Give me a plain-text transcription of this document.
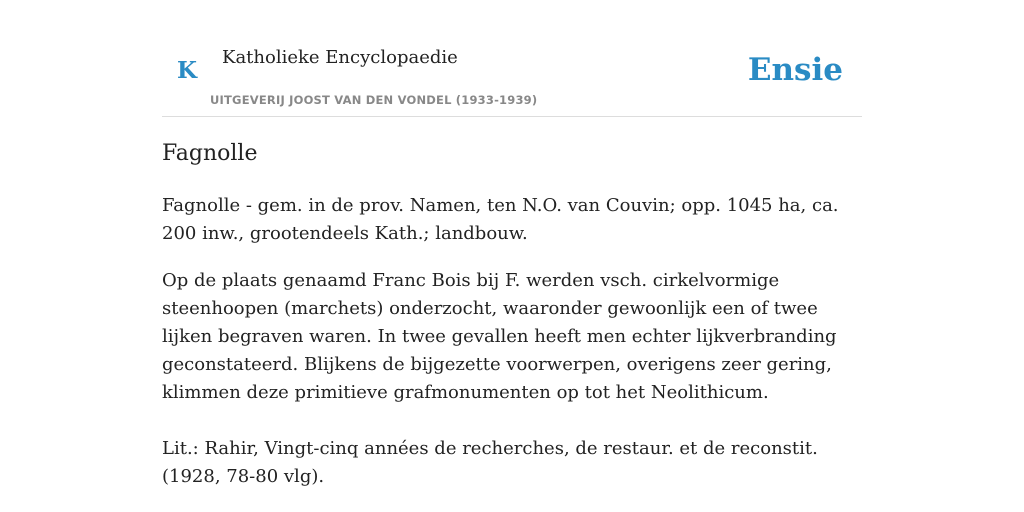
K Katholieke Encyclopaedie
UITGEVERIJ JOOST VAN DEN VONDEL (1933-1939)
Ensie
Fagnolle

Fagnolle - gem. in de prov. Namen, ten N.O. van Couvin; opp. 1045 ha, ca. 200 inw., grootendeels Kath.; landbouw.

Op de plaats genaamd Franc Bois bij F. werden vsch. cirkelvormige steenhoopen (marchets) onderzocht, waaronder gewoonlijk een of twee lijken begraven waren. In twee gevallen heeft men echter lijkverbranding geconstateerd. Blijkens de bijgezette voorwerpen, overigens zeer gering, klimmen deze primitieve grafmonumenten op tot het Neolithicum.

Lit.: Rahir, Vingt-cinq années de recherches, de restaur. et de reconstit. (1928, 78-80 vlg).
